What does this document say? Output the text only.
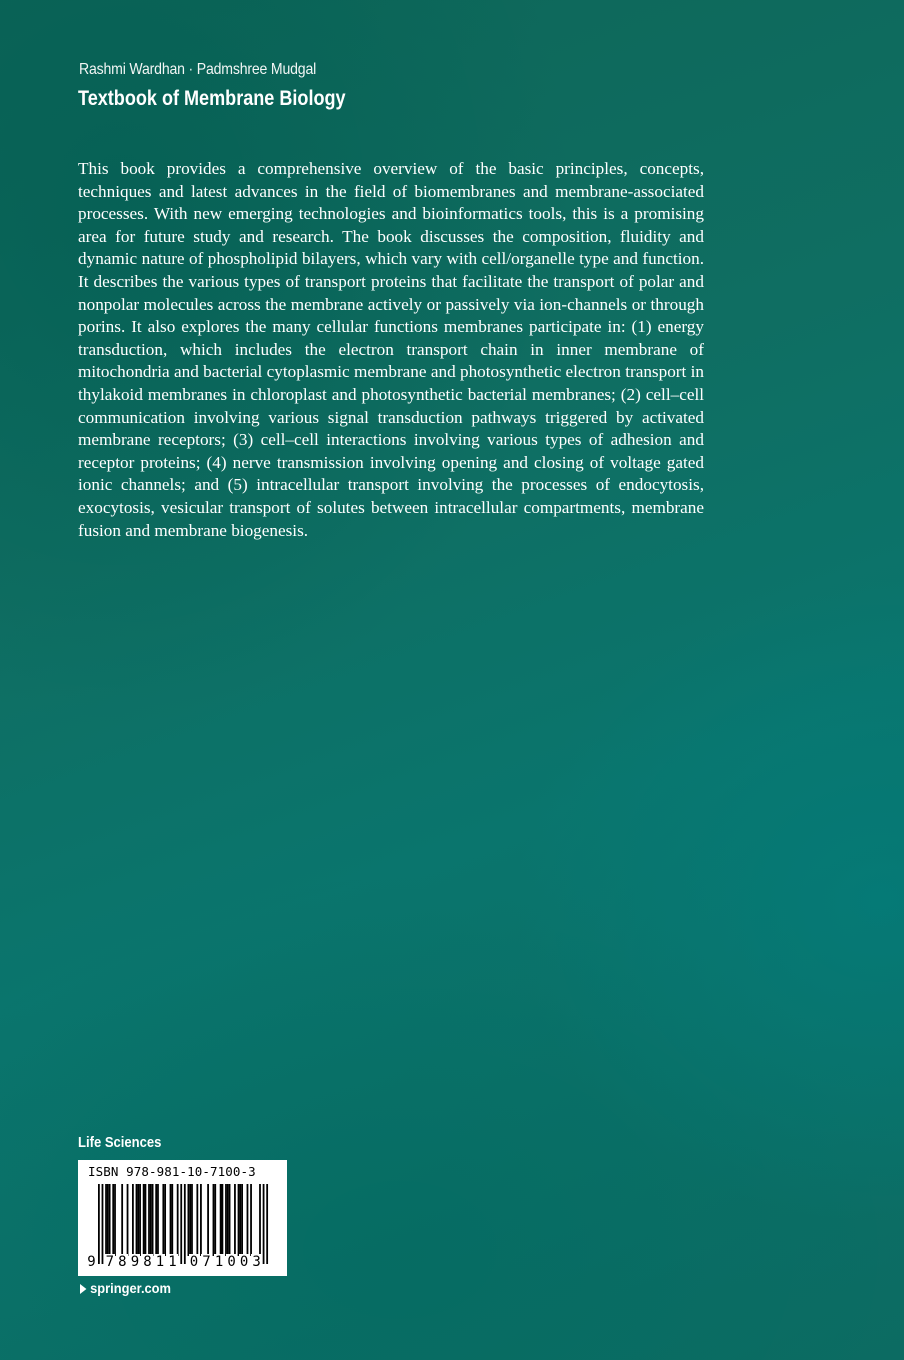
Rashmi Wardhan · Padmshree Mudgal
Textbook of Membrane Biology

This book provides a comprehensive overview of the basic principles, concepts, techniques and latest advances in the field of biomembranes and membrane-associated processes. With new emerging technologies and bioinformatics tools, this is a promising area for future study and research. The book discusses the composition, fluidity and dynamic nature of phospholipid bilayers, which vary with cell/organelle type and function. It describes the various types of transport proteins that facilitate the transport of polar and nonpolar molecules across the membrane actively or passively via ion-channels or through porins. It also explores the many cellular functions membranes participate in: (1) energy transduction, which includes the electron transport chain in inner membrane of mitochondria and bacterial cytoplasmic membrane and photosynthetic electron transport in thylakoid membranes in chloroplast and photosynthetic bacterial membranes; (2) cell–cell communication involving various signal transduction pathways triggered by activated membrane receptors; (3) cell–cell interactions involving various types of adhesion and receptor proteins; (4) nerve transmission involving opening and closing of voltage gated ionic channels; and (5) intracellular transport involving the processes of endocytosis, exocytosis, vesicular transport of solutes between intracellular compartments, membrane fusion and membrane biogenesis.

Life Sciences
ISBN 978-981-10-7100-3
9 7 8 9 8 1 1 0 7 1 0 0 3
springer.com
